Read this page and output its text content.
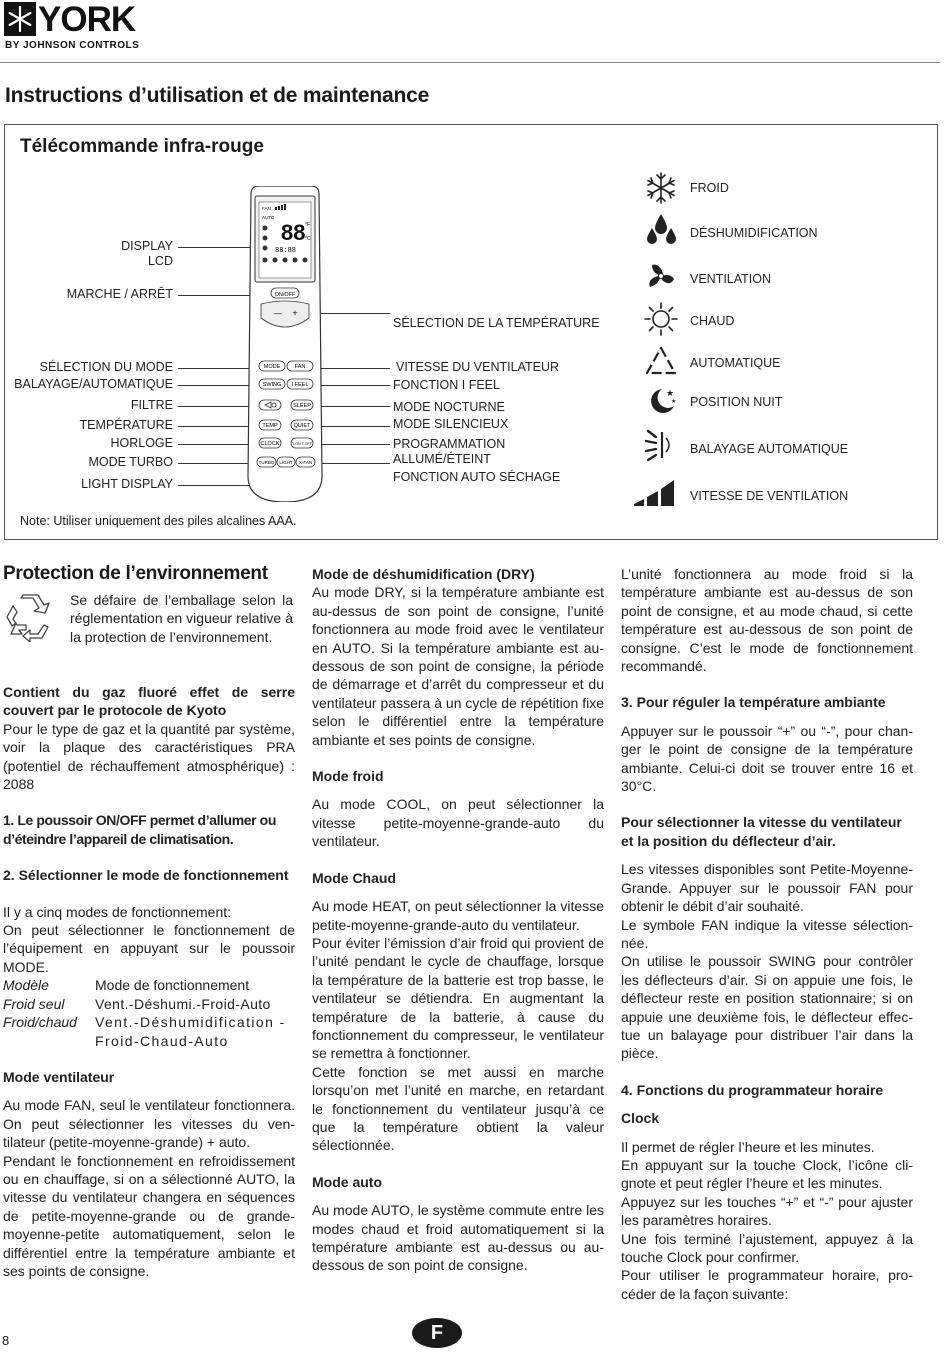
YORK
BY JOHNSON CONTROLS
Instructions d’utilisation et de maintenance
Télécommande infra-rouge
DISPLAY
LCD
MARCHE / ARRÊT
SÉLECTION DU MODE
BALAYAGE/AUTOMATIQUE
FILTRE
TEMPÉRATURE
HORLOGE
MODE TURBO
LIGHT DISPLAY
SÉLECTION DE LA TEMPÉRATURE
VITESSE DU VENTILATEUR
FONCTION I FEEL
MODE NOCTURNE
MODE SILENCIEUX
PROGRAMMATION
ALLUMÉ/ÉTEINT
FONCTION AUTO SÉCHAGE
FAN
AUTO
88 °F
°C
88:88
ON/OFF
— +
MODE	FAN
SWING I FEEL
SLEEP
TEMP	QUIET
CLOCK	T-ON T-OFF
TURBO LIGHT X-FAN
FROID
DÉSHUMIDIFICATION
VENTILATION
CHAUD
AUTOMATIQUE
★
★ POSITION NUIT
BALAYAGE AUTOMATIQUE
VITESSE DE VENTILATION
Note: Utiliser uniquement des piles alcalines AAA.
Protection de l’environnement
Se défaire de l’emballage selon la réglementation en vigueur relative à la protection de l’environnement.

Contient du gaz fluoré effet de serre couvert par le protocole de Kyoto

Pour le type de gaz et la quantité par système, voir la plaque des caractéristiques PRA (potentiel de réchauffement atmosphérique) : 2088

1. Le poussoir ON/OFF permet d’allumer ou d’éteindre l’appareil de climatisation.

2. Sélectionner le mode de fonctionnement

Il y a cinq modes de fonctionnement:

On peut sélectionner le fonctionnement de l’équipement en appuyant sur le poussoir MODE.

Modèle	Mode de fonctionnement
Froid seul	Vent.-Déshumi.-Froid-Auto
Froid/chaud	Vent.-Déshumidification -Froid-Chaud-Auto

Mode ventilateur

Au mode FAN, seul le ventilateur fonctionnera. On peut sélectionner les vitesses du ventilateur (petite-moyenne-grande) + auto.

Pendant le fonctionnement en refroidissement ou en chauffage, si on a sélectionné AUTO, la vitesse du ventilateur changera en séquences de petite-moyenne-grande ou de grande-moyenne-petite automatiquement, selon le différentiel entre la température ambiante et ses points de consigne.

Mode de déshumidification (DRY)

Au mode DRY, si la température ambiante est au-dessus de son point de consigne, l’unité fonctionnera au mode froid avec le ventilateur en AUTO. Si la température ambiante est au-dessous de son point de consigne, la période de démarrage et d’arrêt du compresseur et du ventilateur passera à un cycle de répétition fixe selon le différentiel entre la température ambiante et ses points de consigne.

Mode froid

Au mode COOL, on peut sélectionner la vitesse petite-moyenne-grande-auto du ventilateur.

Mode Chaud

Au mode HEAT, on peut sélectionner la vitesse petite-moyenne-grande-auto du ventilateur.

Pour éviter l’émission d’air froid qui provient de l’unité pendant le cycle de chauffage, lorsque la température de la batterie est trop basse, le ventilateur se détiendra. En augmentant la température de la batterie, à cause du fonctionnement du compresseur, le ventilateur se remettra à fonctionner.

Cette fonction se met aussi en marche lorsqu’on met l’unité en marche, en retardant le fonctionnement du ventilateur jusqu’à ce que la température obtient la valeur sélectionnée.

Mode auto

Au mode AUTO, le système commute entre les modes chaud et froid automatiquement si la température ambiante est au-dessus ou au-dessous de son point de consigne.

L’unité fonctionnera au mode froid si la température ambiante est au-dessus de son point de consigne, et au mode chaud, si cette température est au-dessous de son point de consigne. C’est le mode de fonctionnement recommandé.

3. Pour réguler la température ambiante

Appuyer sur le poussoir “+” ou “-”, pour changer le point de consigne de la température ambiante. Celui-ci doit se trouver entre 16 et 30°C.

Pour sélectionner la vitesse du ventilateur et la position du déflecteur d’air.

Les vitesses disponibles sont Petite-Moyenne-Grande. Appuyer sur le poussoir FAN pour obtenir le débit d’air souhaité.

Le symbole FAN indique la vitesse sélectionnée.

On utilise le poussoir SWING pour contrôler les déflecteurs d’air. Si on appuie une fois, le déflecteur reste en position stationnaire; si on appuie une deuxième fois, le déflecteur effectue un balayage pour distribuer l’air dans la pièce.

4. Fonctions du programmateur horaire

Clock

Il permet de régler l’heure et les minutes.

En appuyant sur la touche Clock, l’icône clignote et peut régler l’heure et les minutes.

Appuyez sur les touches “+” et “-” pour ajuster les paramètres horaires.

Une fois terminé l’ajustement, appuyez à la touche Clock pour confirmer.

Pour utiliser le programmateur horaire, procéder de la façon suivante:

8	F
